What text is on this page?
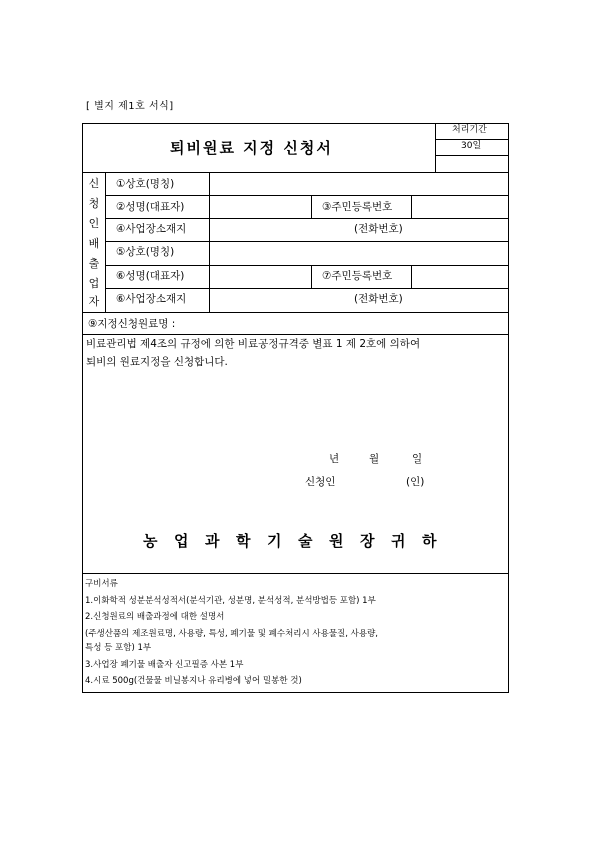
[ 별지 제1호 서식]
퇴비원료 지정 신청서
처리기간
30일
신
청
인
배
출
업
자
①상호(명칭)
②성명(대표자)	③주민등록번호
④사업장소재지	(전화번호)
⑤상호(명칭)
⑥성명(대표자)	⑦주민등록번호
⑥사업장소재지	(전화번호)
⑨지정신청원료명 :
비료관리법 제4조의 규정에 의한 비료공정규격중 별표 1 제 2호에 의하여
퇴비의 원료지정을 신청합니다.
년	월	일
신청인	(인)
농 업 과 학 기 술 원 장 귀 하
구비서류
1.이화학적 성분분석성적서(분석기관, 성분명, 분석성적, 분석방법등 포함) 1부
2.신청원료의 배출과정에 대한 설명서
(주생산품의 제조원료명, 사용량, 특성, 폐기물 및 폐수처리시 사용물질, 사용량,
특성 등 포함) 1부
3.사업장 폐기물 배출자 신고필증 사본 1부
4.시료 500g(건물물 비닐봉지나 유리병에 넣어 밀봉한 것)
